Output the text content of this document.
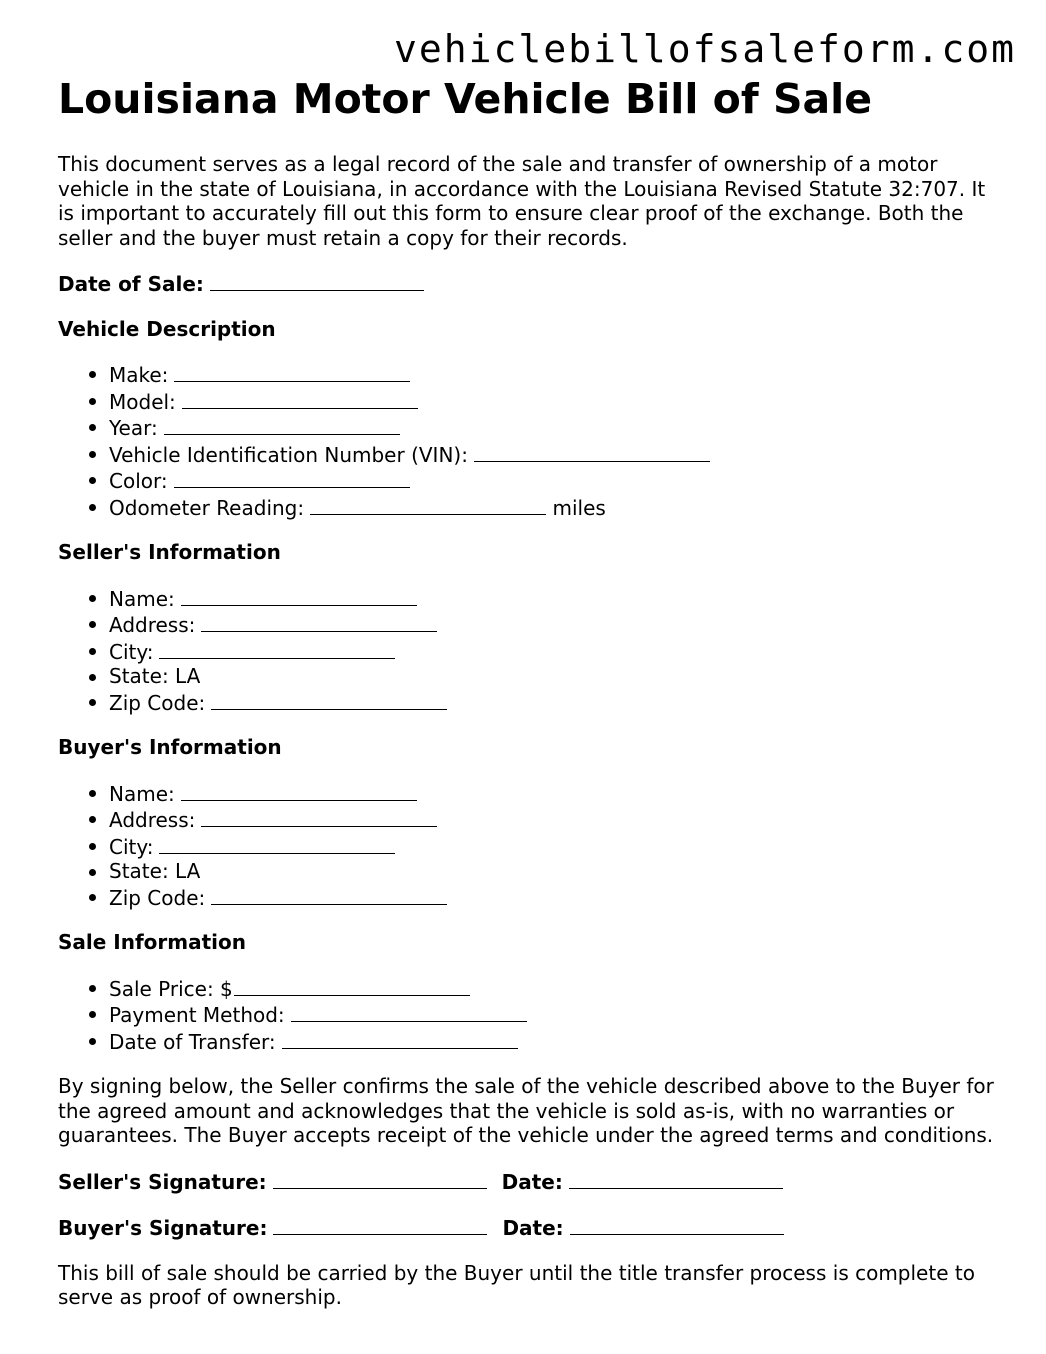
vehiclebillofsaleform.com
Louisiana Motor Vehicle Bill of Sale

This document serves as a legal record of the sale and transfer of ownership of a motor vehicle in the state of Louisiana, in accordance with the Louisiana Revised Statute 32:707. It is important to accurately fill out this form to ensure clear proof of the exchange. Both the seller and the buyer must retain a copy for their records.

Date of Sale:
Vehicle Description
Make:
Model:
Year:
Vehicle Identification Number (VIN):
Color:
Odometer Reading:	miles
Seller's Information
Name:
Address:
City:
State: LA
Zip Code:
Buyer's Information
Name:
Address:
City:
State: LA
Zip Code:
Sale Information
Sale Price: $
Payment Method:
Date of Transfer:

By signing below, the Seller confirms the sale of the vehicle described above to the Buyer for the agreed amount and acknowledges that the vehicle is sold as-is, with no warranties or guarantees. The Buyer accepts receipt of the vehicle under the agreed terms and conditions.

Seller's Signature:	Date:
Buyer's Signature:	Date:

This bill of sale should be carried by the Buyer until the title transfer process is complete to serve as proof of ownership.
